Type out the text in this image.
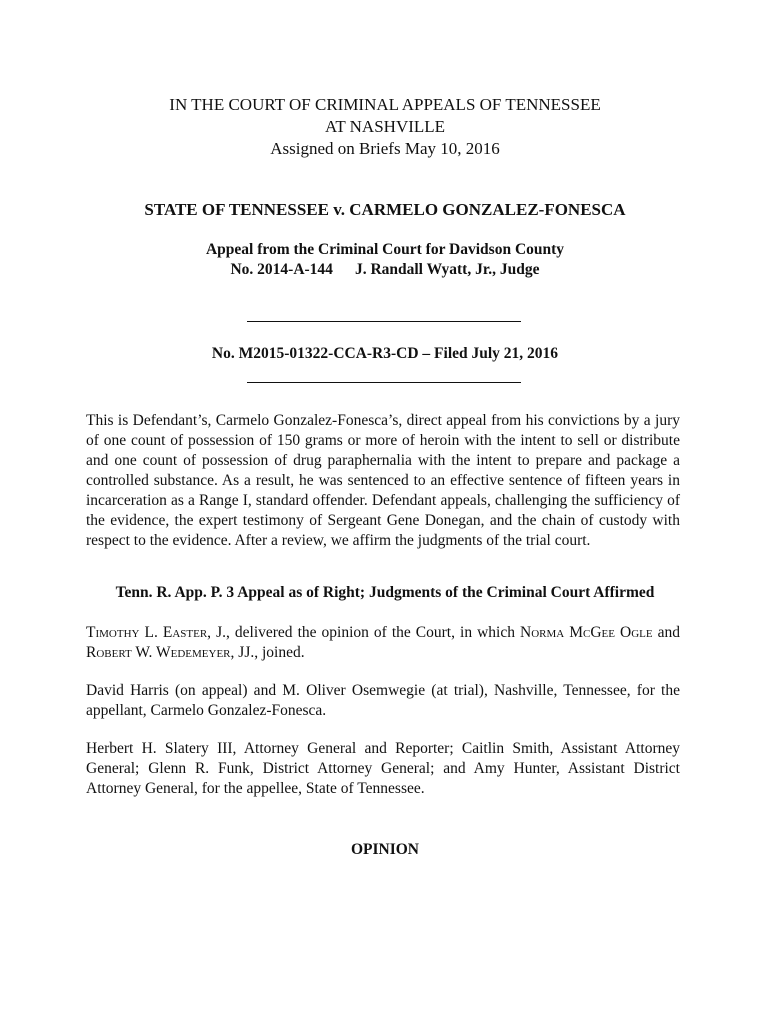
IN THE COURT OF CRIMINAL APPEALS OF TENNESSEE
AT NASHVILLE
Assigned on Briefs May 10, 2016
STATE OF TENNESSEE v. CARMELO GONZALEZ-FONESCA
Appeal from the Criminal Court for Davidson County
No. 2014-A-144 J. Randall Wyatt, Jr., Judge
No. M2015-01322-CCA-R3-CD – Filed July 21, 2016
This is Defendant’s, Carmelo Gonzalez-Fonesca’s, direct appeal from his convictions by a jury of one count of possession of 150 grams or more of heroin with the intent to sell or distribute and one count of possession of drug paraphernalia with the intent to prepare and package a controlled substance. As a result, he was sentenced to an effective sentence of fifteen years in incarceration as a Range I, standard offender. Defendant appeals, challenging the sufficiency of the evidence, the expert testimony of Sergeant Gene Donegan, and the chain of custody with respect to the evidence. After a review, we affirm the judgments of the trial court.
Tenn. R. App. P. 3 Appeal as of Right; Judgments of the Criminal Court Affirmed
Timothy L. Easter, J., delivered the opinion of the Court, in which Norma McGee Ogle and Robert W. Wedemeyer, JJ., joined.
David Harris (on appeal) and M. Oliver Osemwegie (at trial), Nashville, Tennessee, for the appellant, Carmelo Gonzalez-Fonesca.
Herbert H. Slatery III, Attorney General and Reporter; Caitlin Smith, Assistant Attorney General; Glenn R. Funk, District Attorney General; and Amy Hunter, Assistant District Attorney General, for the appellee, State of Tennessee.
OPINION
